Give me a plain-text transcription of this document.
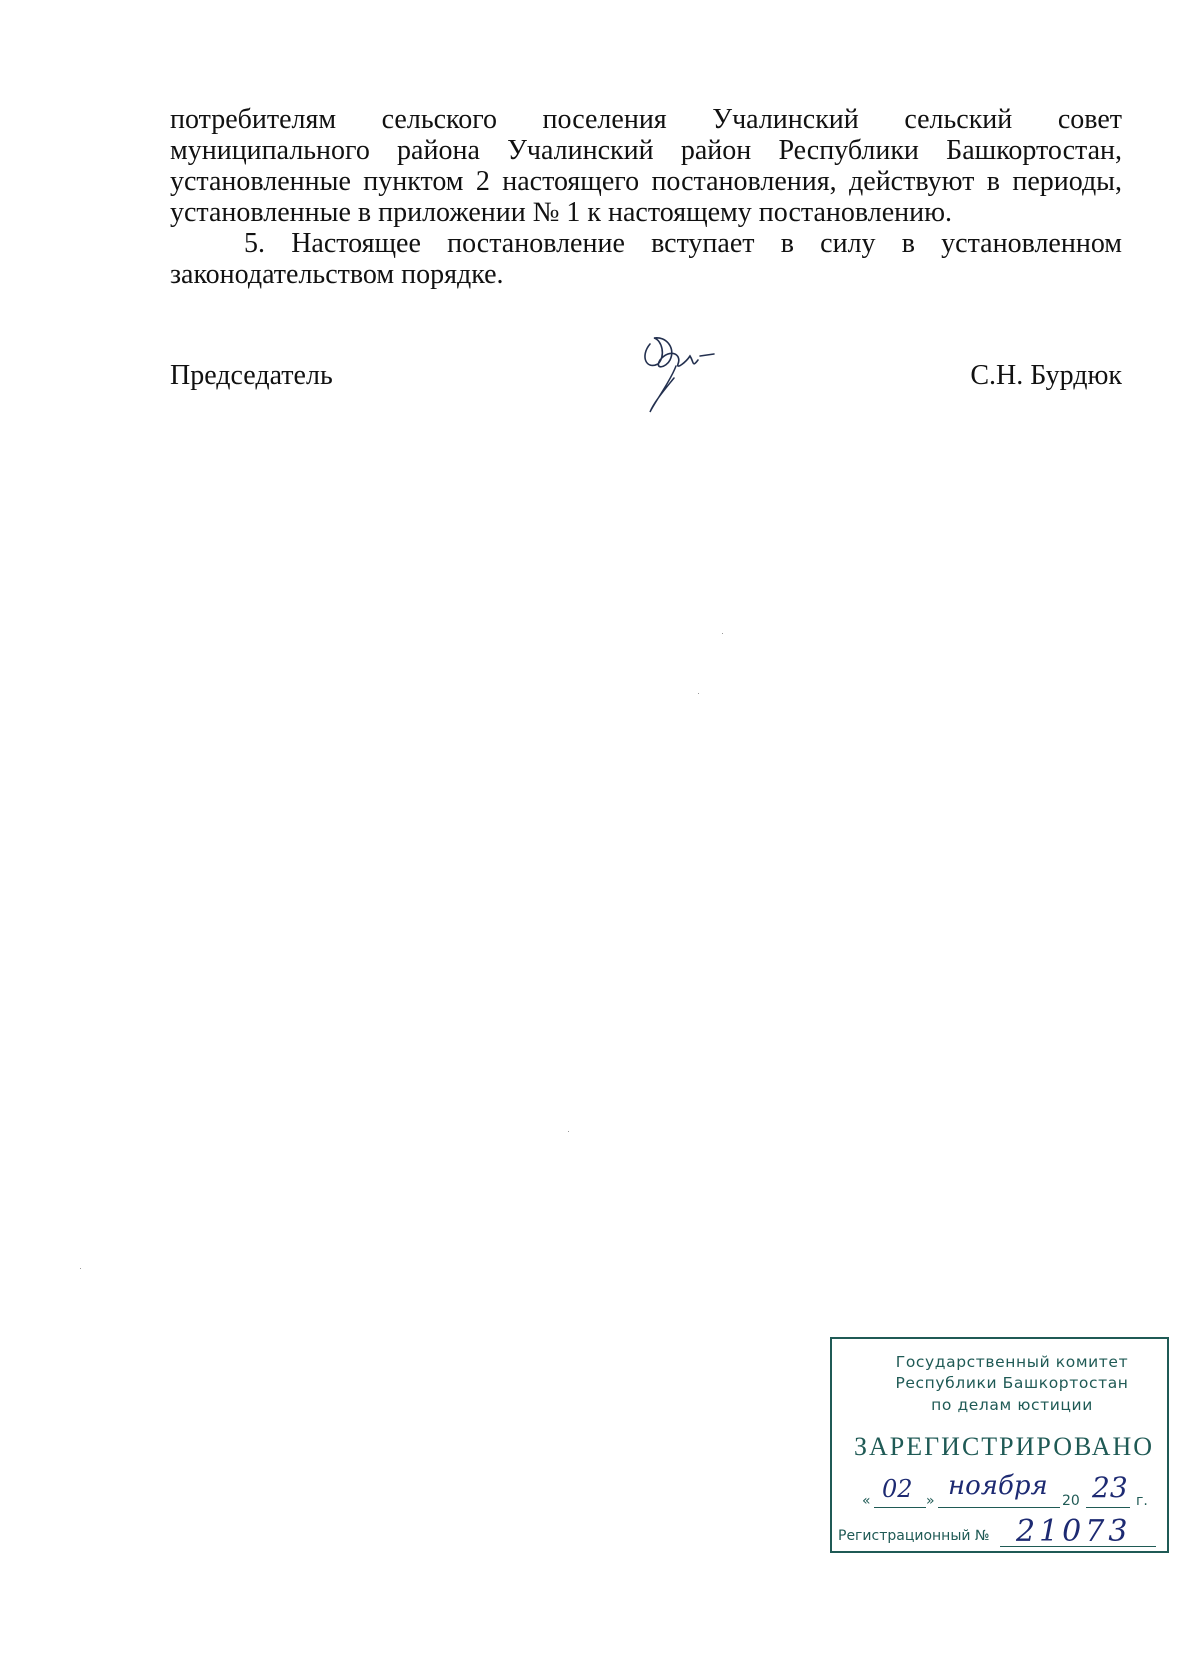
потребителям сельского поселения Учалинский сельский совет муниципального района Учалинский район Республики Башкортостан, установленные пунктом 2 настоящего постановления, действуют в периоды, установленные в приложении № 1 к настоящему постановлению.

5. Настоящее постановление вступает в силу в установленном законодательством порядке.

Председатель	С.Н. Бурдюк
Государственный комитет
Республики Башкортостан
по делам юстиции
ЗАРЕГИСТРИРОВАНО
« 02 » ноября 20 23 г.
Регистрационный № 21073
